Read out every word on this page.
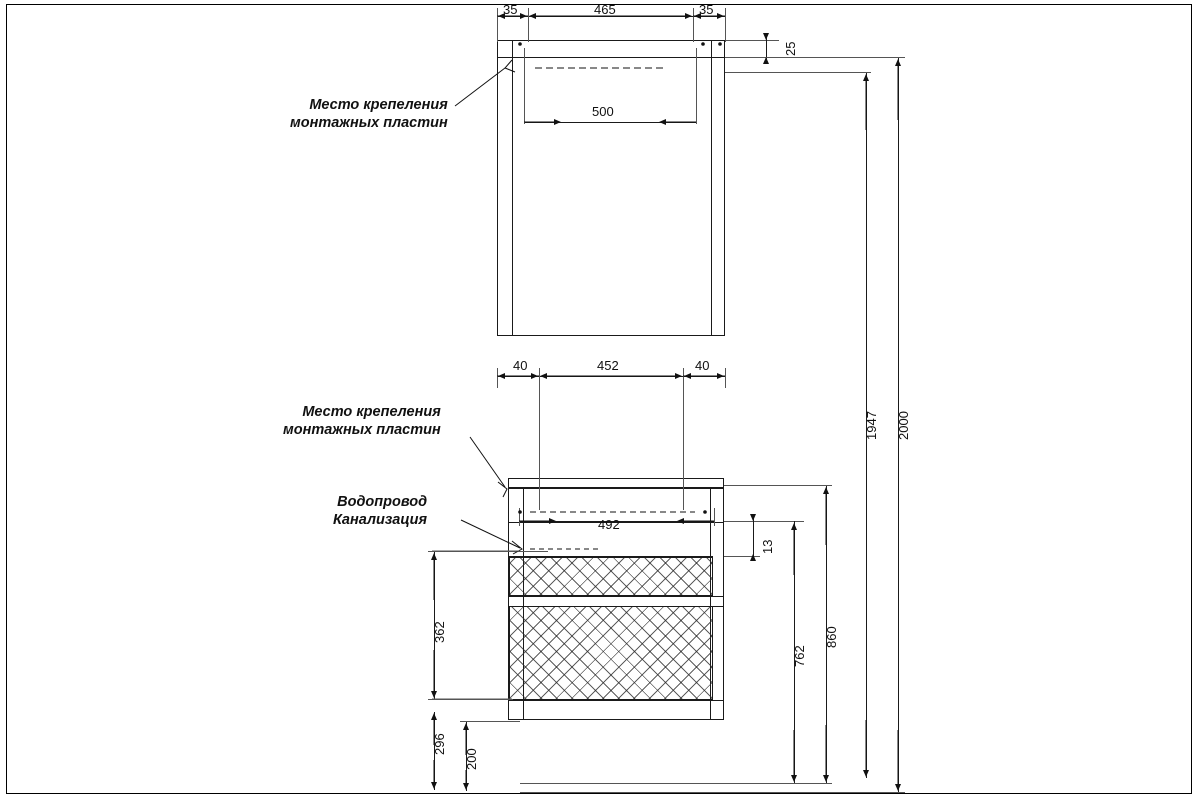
35	465	35
500
25
Место крепеления
монтажных пластин
40	452	40
492
13
2000
1947
860
762
362
296
200
Место крепеления
монтажных пластин
Водопровод
Канализация
